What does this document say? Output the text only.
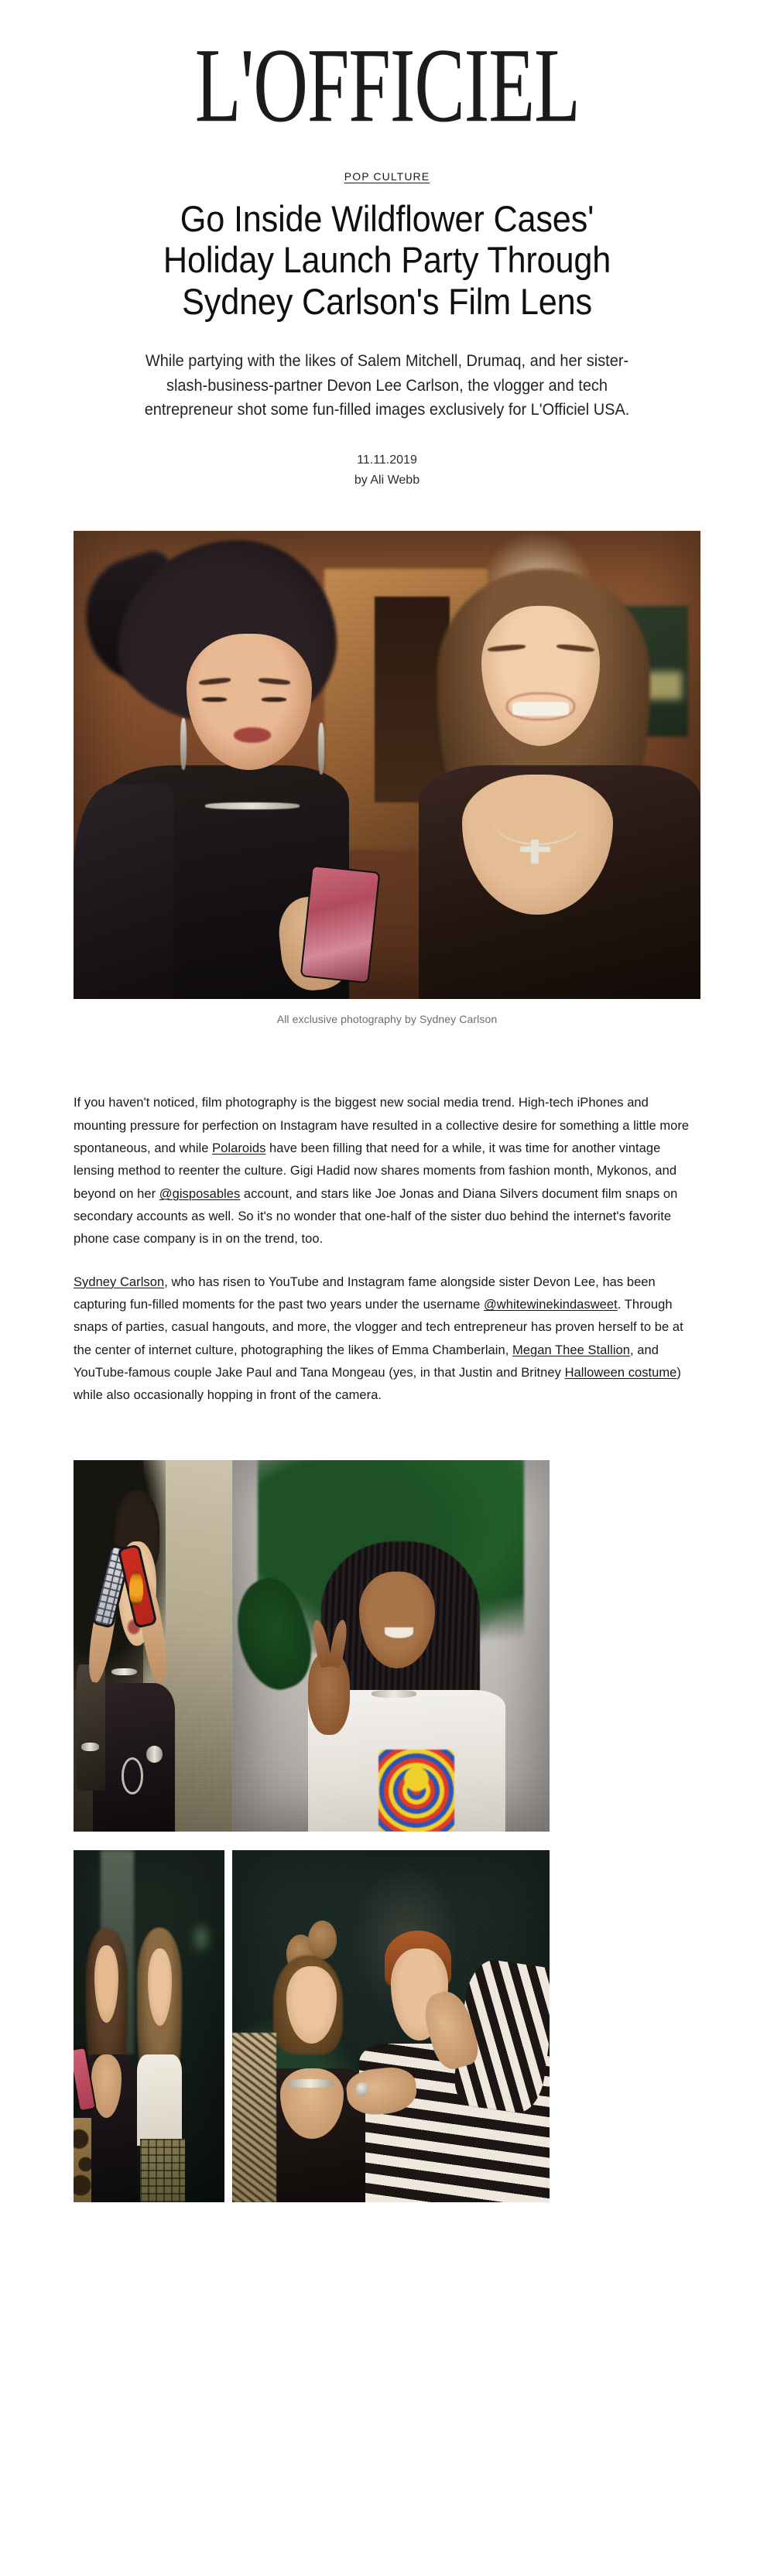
L'OFFICIEL
POP CULTURE
Go Inside Wildflower Cases' Holiday Launch Party Through Sydney Carlson's Film Lens

While partying with the likes of Salem Mitchell, Drumaq, and her sister-slash-business-partner Devon Lee Carlson, the vlogger and tech entrepreneur shot some fun-filled images exclusively for L'Officiel USA.

11.11.2019
by Ali Webb
All exclusive photography by Sydney Carlson

If you haven't noticed, film photography is the biggest new social media trend. High-tech iPhones and mounting pressure for perfection on Instagram have resulted in a collective desire for something a little more spontaneous, and while Polaroids have been filling that need for a while, it was time for another vintage lensing method to reenter the culture. Gigi Hadid now shares moments from fashion month, Mykonos, and beyond on her @gisposables account, and stars like Joe Jonas and Diana Silvers document film snaps on secondary accounts as well. So it's no wonder that one-half of the sister duo behind the internet's favorite phone case company is in on the trend, too.

Sydney Carlson, who has risen to YouTube and Instagram fame alongside sister Devon Lee, has been capturing fun-filled moments for the past two years under the username @whitewinekindasweet. Through snaps of parties, casual hangouts, and more, the vlogger and tech entrepreneur has proven herself to be at the center of internet culture, photographing the likes of Emma Chamberlain, Megan Thee Stallion, and YouTube-famous couple Jake Paul and Tana Mongeau (yes, in that Justin and Britney Halloween costume) while also occasionally hopping in front of the camera.
